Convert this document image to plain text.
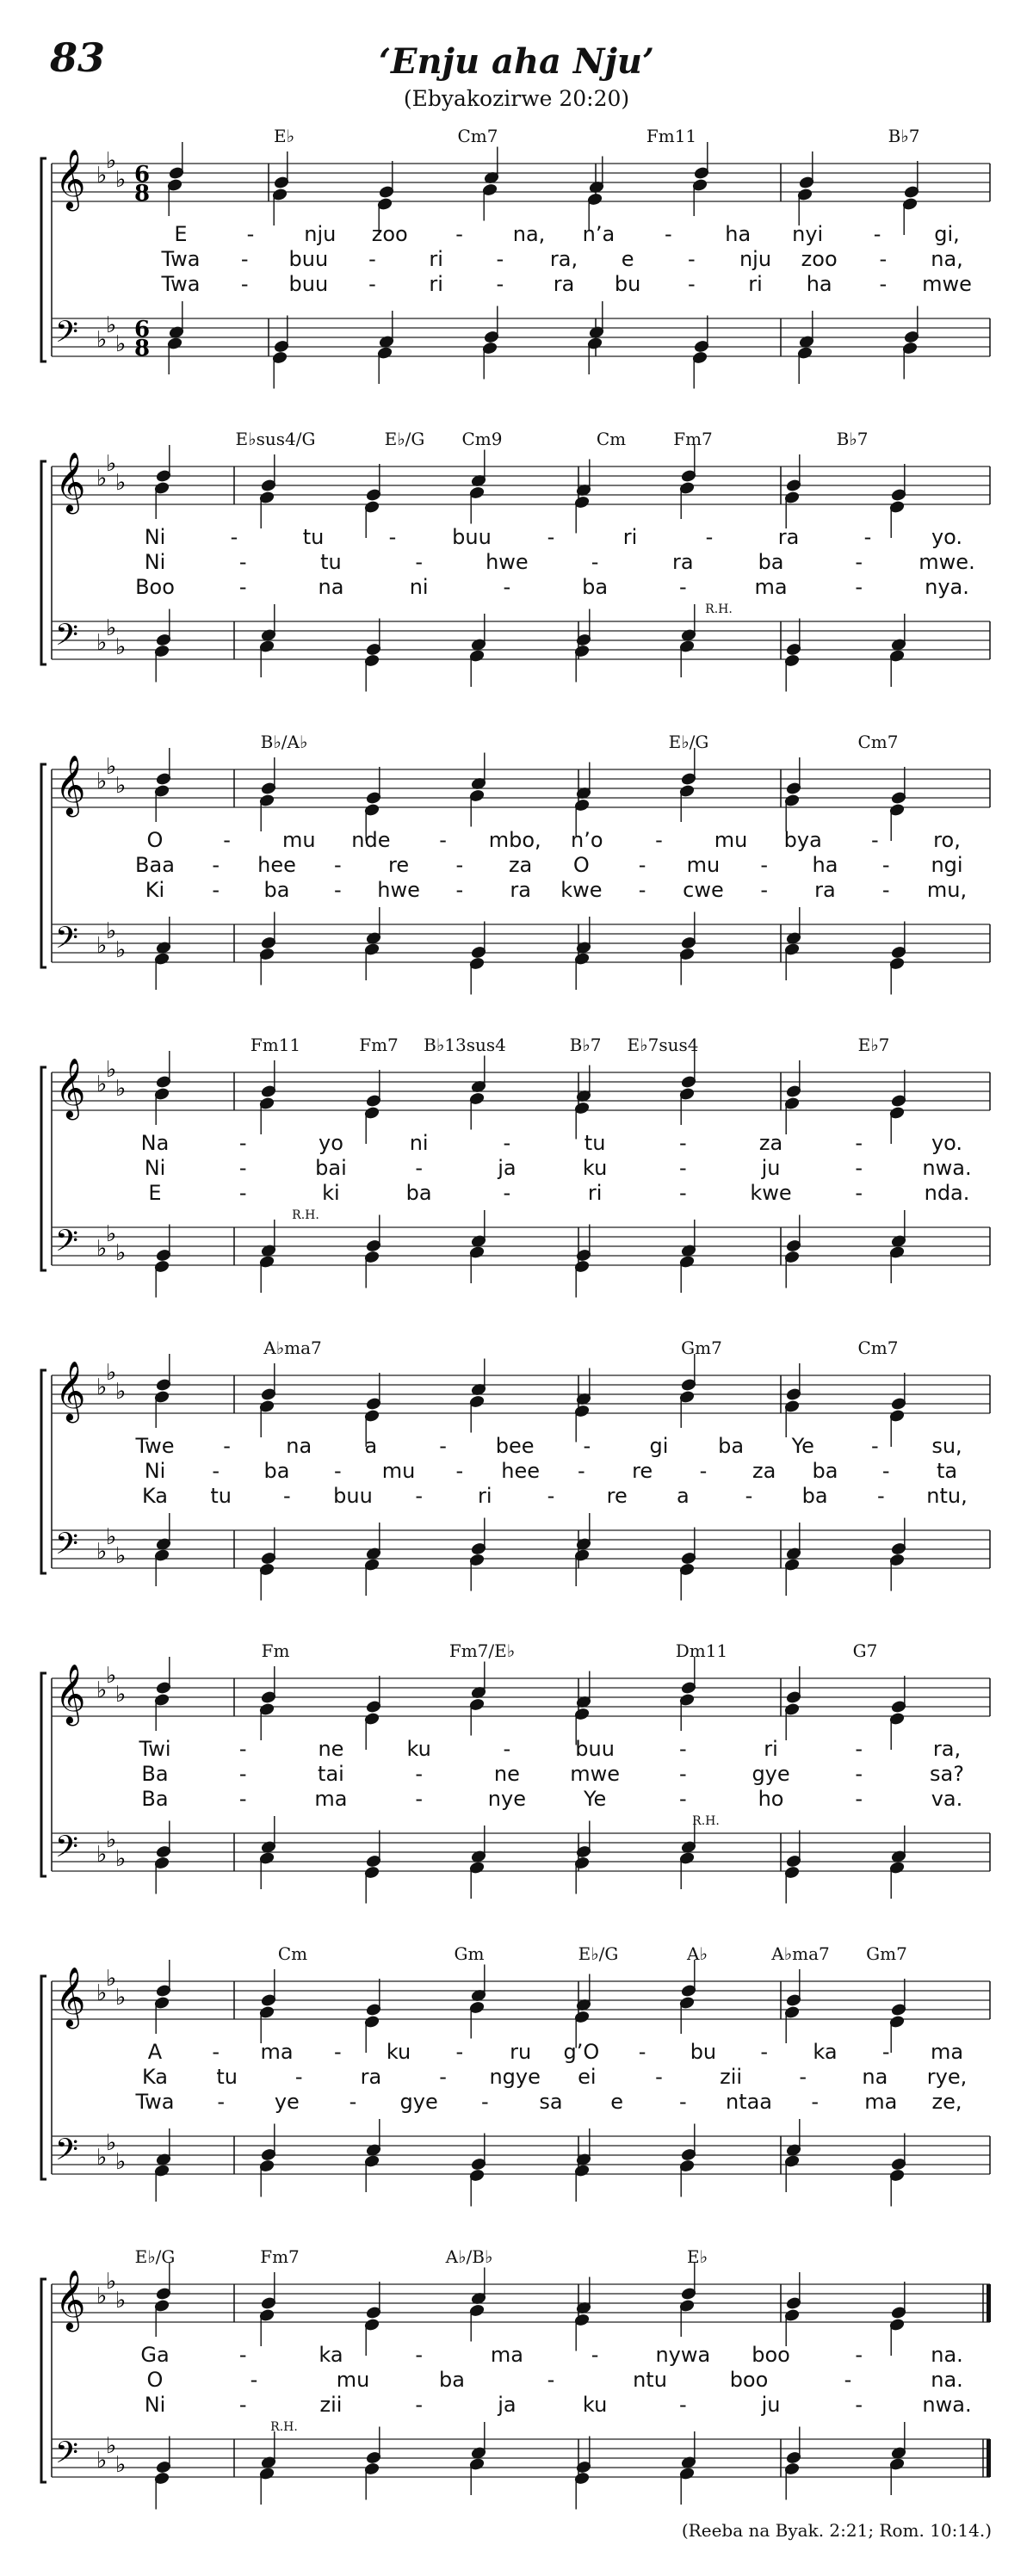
83	‘Enju aha Nju’
(Ebyakozirwe 20:20)
𝄞 ♭
♭
♭ 6
8
𝄢 ♭
♭
♭
6
8
E♭	Cm7	Fm11	B♭7
E	- nju zoo - na, n’a -	ha nyi -	gi,
Twa - buu -	ri	- ra, e	- nju zoo - na,
Twa - buu -	ri	- ra bu -	ri ha - mwe
𝄞 ♭
♭
♭
𝄢 ♭
♭
♭
E♭sus4/G	E♭/G Cm9	Cm	Fm7	B♭7
R.H.
Ni	-	tu	-	buu	-	ri	-	ra	-	yo.
Ni	-	tu	-	hwe	-	ra	ba	-	mwe.
Boo	-	na	ni	-	ba	-	ma	-	nya.
𝄞 ♭
♭
♭
𝄢 ♭
♭
♭
B♭/A♭	E♭/G	Cm7
O	-	mu nde - mbo, n’o	- mu bya -	ro,
Baa - hee - re - za O - mu - ha - ngi
Ki - ba - hwe - ra kwe - cwe - ra - mu,
𝄞 ♭
♭
♭
𝄢 ♭
♭
♭
Fm11	Fm7 B♭13sus4	B♭7 E♭7sus4	E♭7
R.H.
Na	-	yo	ni	-	tu	-	za	-	yo.
Ni	-	bai	-	ja	ku	-	ju	-	nwa.
E	-	ki	ba	-	ri	-	kwe	-	nda.
𝄞 ♭
♭
♭
𝄢 ♭
♭
♭
A♭ma7	Gm7	Cm7
Twe -	na	a	- bee -	gi ba Ye	-	su,
Ni - ba - mu - hee - re - za ba - ta
Ka tu	- buu -	ri	-	re a	- ba - ntu,
𝄞 ♭
♭
♭
𝄢 ♭
♭
♭
Fm	Fm7/E♭	Dm11	G7
R.H.
Twi	-	ne	ku	-	buu	-	ri	-	ra,
Ba	-	tai	-	ne mwe	-	gye	-	sa?
Ba	-	ma	-	nye	Ye	-	ho	-	va.
𝄞 ♭
♭
♭
𝄢 ♭
♭
♭
Cm	Gm	E♭/G	A♭	A♭ma7 Gm7
A - ma - ku - ru g’O - bu - ka - ma
Ka tu	-	ra	- ngye ei	-	zii	-	na rye,
Twa - ye - gye - sa e	- ntaa - ma ze,
𝄞 ♭
♭
♭
𝄢 ♭
♭
♭
E♭/G	Fm7	A♭/B♭	E♭
R.H.
Ga	-	ka	-	ma	-	nywa boo	-	na.
O	-	mu	ba	-	ntu	boo	-	na.
Ni	-	zii	-	ja	ku	-	ju	-	nwa.
(Reeba na Byak. 2:21; Rom. 10:14.)
